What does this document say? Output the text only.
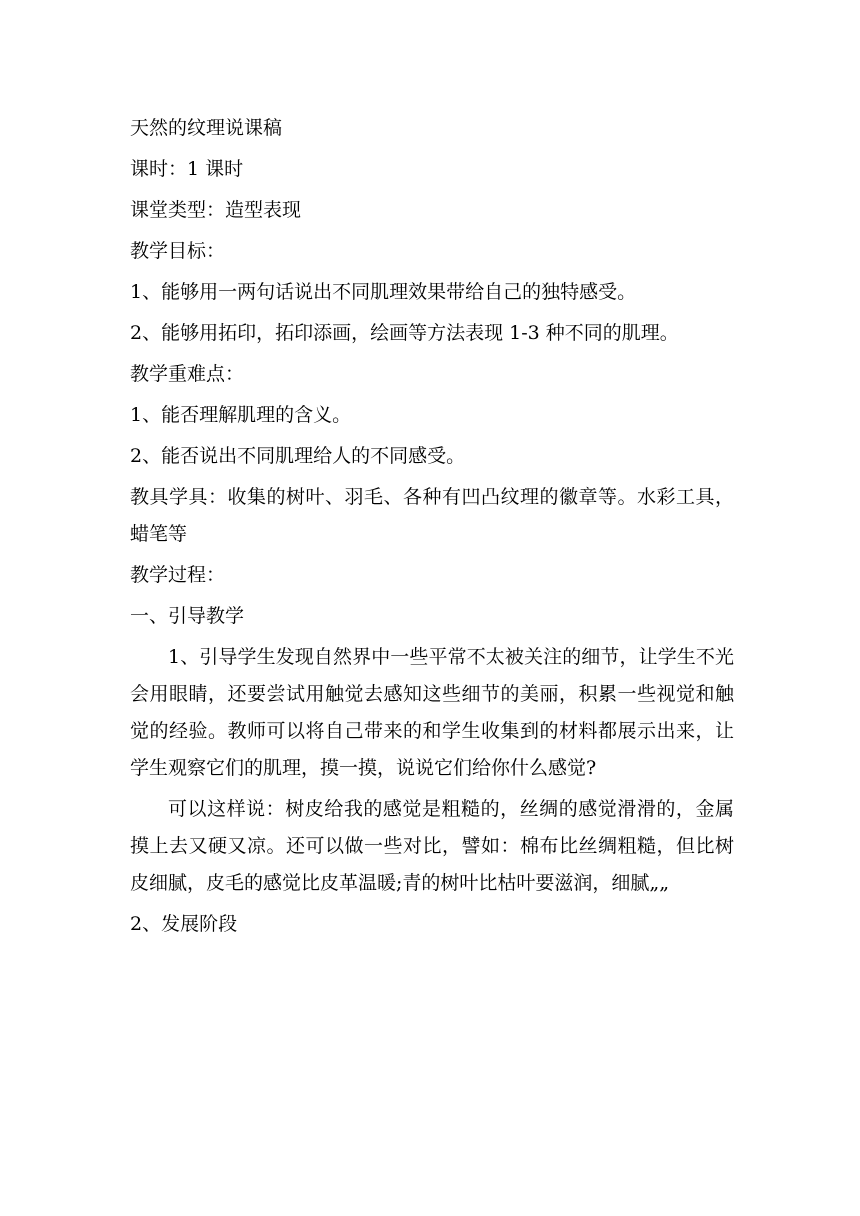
天然的纹理说课稿

课时：1 课时

课堂类型：造型表现

教学目标：

1、能够用一两句话说出不同肌理效果带给自己的独特感受。

2、能够用拓印，拓印添画，绘画等方法表现 1-3 种不同的肌理。

教学重难点：

1、能否理解肌理的含义。

2、能否说出不同肌理给人的不同感受。

教具学具：收集的树叶、羽毛、各种有凹凸纹理的徽章等。水彩工具，蜡笔等

教学过程：

一、引导教学

1、引导学生发现自然界中一些平常不太被关注的细节，让学生不光会用眼睛，还要尝试用触觉去感知这些细节的美丽，积累一些视觉和触觉的经验。教师可以将自己带来的和学生收集到的材料都展示出来，让学生观察它们的肌理，摸一摸，说说它们给你什么感觉?

可以这样说：树皮给我的感觉是粗糙的，丝绸的感觉滑滑的，金属摸上去又硬又凉。还可以做一些对比，譬如：棉布比丝绸粗糙，但比树皮细腻，皮毛的感觉比皮革温暖;青的树叶比枯叶要滋润，细腻„„

2、发展阶段
